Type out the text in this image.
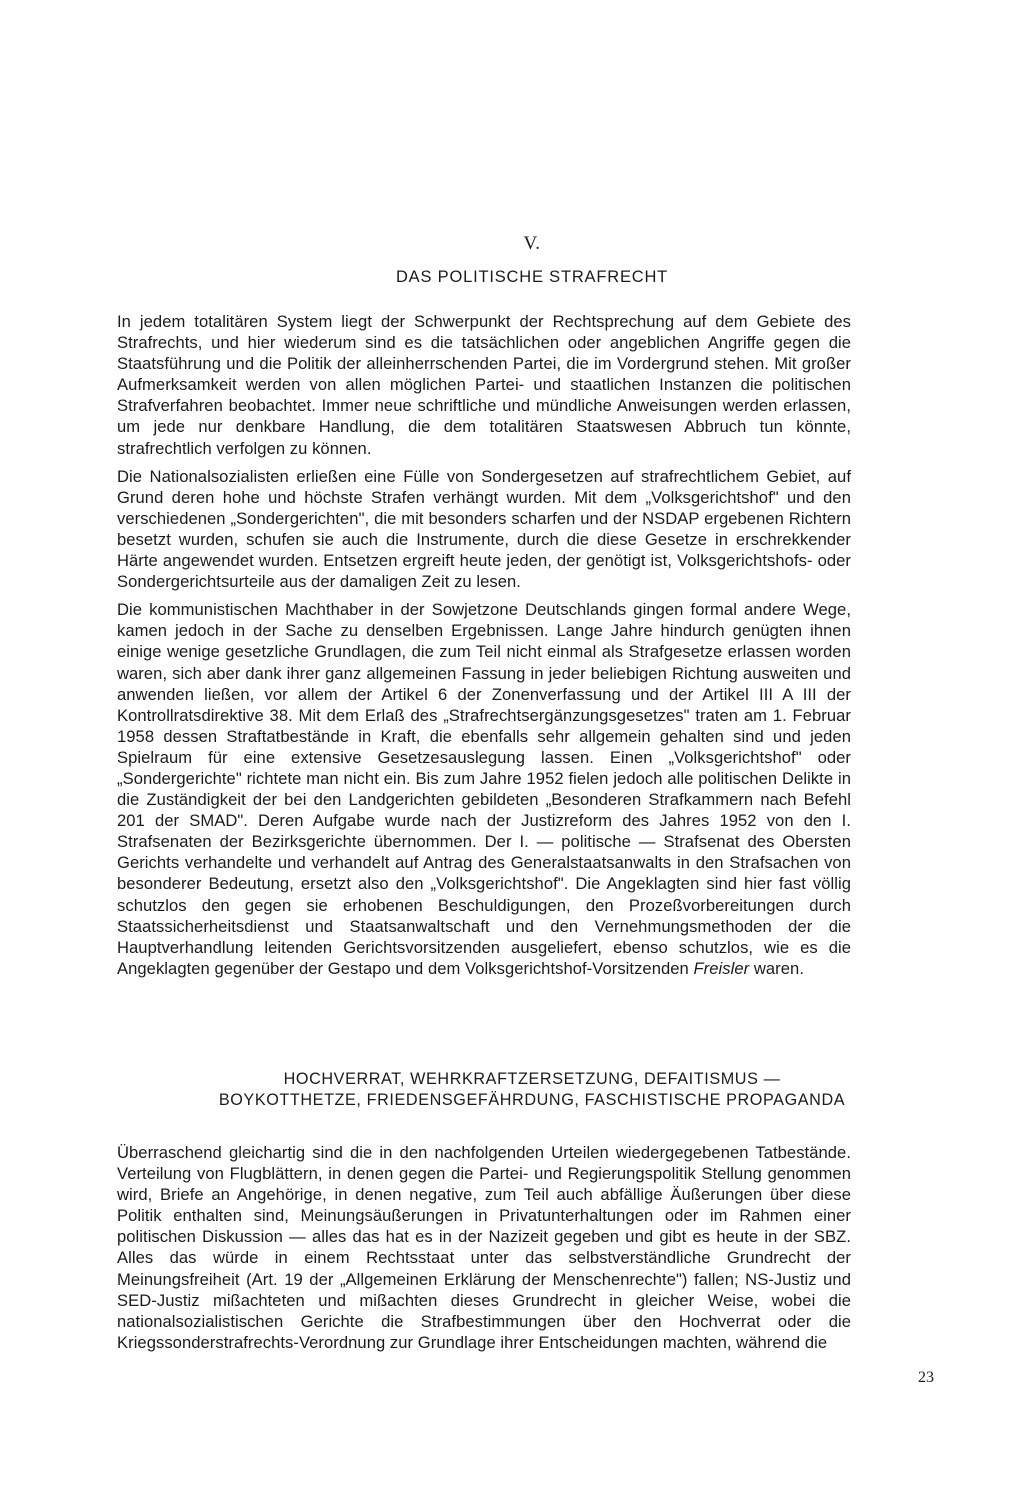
V.
DAS POLITISCHE STRAFRECHT

In jedem totalitären System liegt der Schwerpunkt der Rechtsprechung auf dem Gebiete des Strafrechts, und hier wiederum sind es die tatsächlichen oder angeblichen Angriffe gegen die Staatsführung und die Politik der alleinherrschenden Partei, die im Vordergrund stehen. Mit großer Aufmerksamkeit werden von allen möglichen Partei- und staatlichen Instanzen die politischen Strafverfahren beobachtet. Immer neue schriftliche und mündliche Anweisungen werden erlassen, um jede nur denkbare Handlung, die dem totalitären Staatswesen Abbruch tun könnte, strafrechtlich verfolgen zu können.

Die Nationalsozialisten erließen eine Fülle von Sondergesetzen auf strafrechtlichem Gebiet, auf Grund deren hohe und höchste Strafen verhängt wurden. Mit dem „Volksgerichtshof" und den verschiedenen „Sondergerichten", die mit besonders scharfen und der NSDAP ergebenen Richtern besetzt wurden, schufen sie auch die Instrumente, durch die diese Gesetze in erschrekkender Härte angewendet wurden. Entsetzen ergreift heute jeden, der genötigt ist, Volksgerichtshofs- oder Sondergerichtsurteile aus der damaligen Zeit zu lesen.

Die kommunistischen Machthaber in der Sowjetzone Deutschlands gingen formal andere Wege, kamen jedoch in der Sache zu denselben Ergebnissen. Lange Jahre hindurch genügten ihnen einige wenige gesetzliche Grundlagen, die zum Teil nicht einmal als Strafgesetze erlassen worden waren, sich aber dank ihrer ganz allgemeinen Fassung in jeder beliebigen Richtung ausweiten und anwenden ließen, vor allem der Artikel 6 der Zonenverfassung und der Artikel III A III der Kontrollratsdirektive 38. Mit dem Erlaß des „Strafrechtsergänzungsgesetzes" traten am 1. Februar 1958 dessen Straftatbestände in Kraft, die ebenfalls sehr allgemein gehalten sind und jeden Spielraum für eine extensive Gesetzesauslegung lassen. Einen „Volksgerichtshof" oder „Sondergerichte" richtete man nicht ein. Bis zum Jahre 1952 fielen jedoch alle politischen Delikte in die Zuständigkeit der bei den Landgerichten gebildeten „Besonderen Strafkammern nach Befehl 201 der SMAD". Deren Aufgabe wurde nach der Justizreform des Jahres 1952 von den I. Strafsenaten der Bezirksgerichte übernommen. Der I. — politische — Strafsenat des Obersten Gerichts verhandelte und verhandelt auf Antrag des Generalstaatsanwalts in den Strafsachen von besonderer Bedeutung, ersetzt also den „Volksgerichtshof". Die Angeklagten sind hier fast völlig schutzlos den gegen sie erhobenen Beschuldigungen, den Prozeßvorbereitungen durch Staatssicherheitsdienst und Staatsanwaltschaft und den Vernehmungsmethoden der die Hauptverhandlung leitenden Gerichtsvorsitzenden ausgeliefert, ebenso schutzlos, wie es die Angeklagten gegenüber der Gestapo und dem Volksgerichtshof-Vorsitzenden Freisler waren.

HOCHVERRAT, WEHRKRAFTZERSETZUNG, DEFAITISMUS —
BOYKOTTHETZE, FRIEDENSGEFÄHRDUNG, FASCHISTISCHE PROPAGANDA

Überraschend gleichartig sind die in den nachfolgenden Urteilen wiedergegebenen Tatbestände. Verteilung von Flugblättern, in denen gegen die Partei- und Regierungspolitik Stellung genommen wird, Briefe an Angehörige, in denen negative, zum Teil auch abfällige Äußerungen über diese Politik enthalten sind, Meinungsäußerungen in Privatunterhaltungen oder im Rahmen einer politischen Diskussion — alles das hat es in der Nazizeit gegeben und gibt es heute in der SBZ. Alles das würde in einem Rechtsstaat unter das selbstverständliche Grundrecht der Meinungsfreiheit (Art. 19 der „Allgemeinen Erklärung der Menschenrechte") fallen; NS-Justiz und SED-Justiz mißachteten und mißachten dieses Grundrecht in gleicher Weise, wobei die nationalsozialistischen Gerichte die Strafbestimmungen über den Hochverrat oder die Kriegssonderstrafrechts-Verordnung zur Grundlage ihrer Entscheidungen machten, während die

23
